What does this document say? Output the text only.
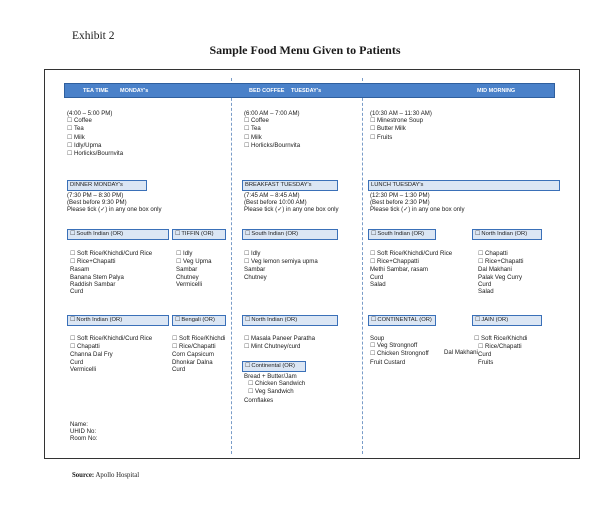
Exhibit 2
Sample Food Menu Given to Patients
TEA TIME MONDAY's	BED COFFEE TUESDAY's	MID MORNING
(4:00 – 5:00 PM)
☐ Coffee
☐ Tea
☐ Milk
☐ Idly/Upma
☐ Horlicks/Bournvita
(6:00 AM – 7:00 AM)
☐ Coffee
☐ Tea
☐ Milk
☐ Horlicks/Bournvita
(10:30 AM – 11:30 AM)
☐ Minestrone Soup
☐ Butter Milk
☐ Fruits
DINNER MONDAY's	BREAKFAST TUESDAY's	LUNCH TUESDAY's
(7:30 PM – 8:30 PM)
(Best before 9:30 PM)
Please tick (✓) in any one box only
(7:45 AM – 8:45 AM)
(Best before 10:00 AM)
Please tick (✓) in any one box only
(12:30 PM – 1:30 PM)
(Best before 2:30 PM)
Please tick (✓) in any one box only
☐ South Indian (OR) ☐	TIFFIN (OR)
☐ Soft Rice/Khichdi/Curd Rice
☐ Rice+Chapatti
Rasam
Banana Stem Palya
Raddish Sambar
Curd
☐ Idly
☐ Veg Upma
Sambar
Chutney
Vermicelli
☐ North Indian (OR) ☐	Bengali (OR)
☐ Soft Rice/Khichdi/Curd Rice
☐ Chapatti
Channa Dal Fry
Curd
Vermicelli
☐ Soft Rice/Khichdi
☐ Rice/Chapatti
Corn Capsicum
Dhonkar Dalna
Curd
Name:
UHID No:
Room No:
☐ South Indian (OR)
☐ Idly
☐ Veg lemon semiya upma
Sambar
Chutney
☐ North Indian (OR)
☐ Masala Paneer Paratha
☐ Mint Chutney/curd
☐ Continental (OR)
Bread + Butter/Jam
☐ Chicken Sandwich
☐ Veg Sandwich
Cornflakes
☐ South Indian (OR) ☐	North Indian (OR)
☐ Soft Rice/Khichdi/Curd Rice
☐ Rice+Chappatti
Methi Sambar, rasam
Curd
Salad
☐ Chapatti
☐ Rice+Chapatti
Dal Makhani
Palak Veg Curry
Curd
Salad
☐ CONTINENTAL (OR) ☐	JAIN (OR)
Soup
☐ Veg Strongnoff
☐ Chicken Strongnoff
Fruit Custard
Dal Makhani
☐ Soft Rice/Khichdi
☐ Rice/Chapatti
Curd
Fruits
Source: Apollo Hospital
